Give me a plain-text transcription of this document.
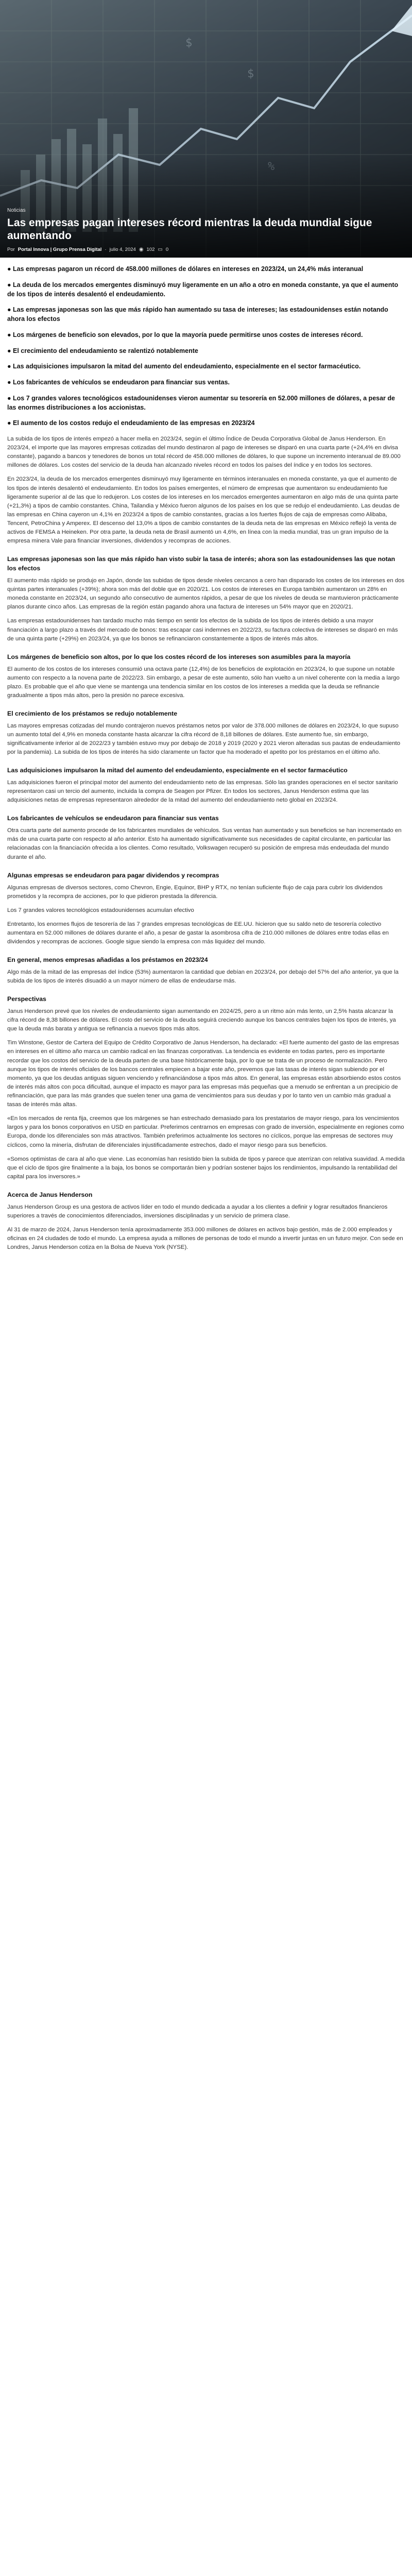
Noticias
Las empresas pagan intereses récord mientras la deuda mundial sigue aumentando
Por Portal Innova | Grupo Prensa Digital · julio 4, 2024 ◉ 102 ▭ 0

● Las empresas pagaron un récord de 458.000 millones de dólares en intereses en 2023/24, un 24,4% más interanual

● La deuda de los mercados emergentes disminuyó muy ligeramente en un año a otro en moneda constante, ya que el aumento de los tipos de interés desalentó el endeudamiento.

● Las empresas japonesas son las que más rápido han aumentado su tasa de intereses; las estadounidenses están notando ahora los efectos

● Los márgenes de beneficio son elevados, por lo que la mayoría puede permitirse unos costes de intereses récord.

● El crecimiento del endeudamiento se ralentizó notablemente

● Las adquisiciones impulsaron la mitad del aumento del endeudamiento, especialmente en el sector farmacéutico.

● Los fabricantes de vehículos se endeudaron para financiar sus ventas.

● Los 7 grandes valores tecnológicos estadounidenses vieron aumentar su tesorería en 52.000 millones de dólares, a pesar de las enormes distribuciones a los accionistas.

● El aumento de los costos redujo el endeudamiento de las empresas en 2023/24

La subida de los tipos de interés empezó a hacer mella en 2023/24, según el último Índice de Deuda Corporativa Global de Janus Henderson. En 2023/24, el importe que las mayores empresas cotizadas del mundo destinaron al pago de intereses se disparó en una cuarta parte (+24,4% en divisa constante), pagando a bancos y tenedores de bonos un total récord de 458.000 millones de dólares, lo que supone un incremento interanual de 89.000 millones de dólares. Los costes del servicio de la deuda han alcanzado niveles récord en todos los países del índice y en todos los sectores.

En 2023/24, la deuda de los mercados emergentes disminuyó muy ligeramente en términos interanuales en moneda constante, ya que el aumento de los tipos de interés desalentó el endeudamiento. En todos los países emergentes, el número de empresas que aumentaron su endeudamiento fue ligeramente superior al de las que lo redujeron. Los costes de los intereses en los mercados emergentes aumentaron en algo más de una quinta parte (+21,3%) a tipos de cambio constantes. China, Tailandia y México fueron algunos de los países en los que se redujo el endeudamiento. Las deudas de las empresas en China cayeron un 4,1% en 2023/24 a tipos de cambio constantes, gracias a los fuertes flujos de caja de empresas como Alibaba, Tencent, PetroChina y Amperex. El descenso del 13,0% a tipos de cambio constantes de la deuda neta de las empresas en México reflejó la venta de activos de FEMSA a Heineken. Por otra parte, la deuda neta de Brasil aumentó un 4,6%, en línea con la media mundial, tras un gran impulso de la empresa minera Vale para financiar inversiones, dividendos y recompras de acciones.

Las empresas japonesas son las que más rápido han visto subir la tasa de interés; ahora son las estadounidenses las que notan los efectos

El aumento más rápido se produjo en Japón, donde las subidas de tipos desde niveles cercanos a cero han disparado los costes de los intereses en dos quintas partes interanuales (+39%); ahora son más del doble que en 2020/21. Los costos de intereses en Europa también aumentaron un 28% en moneda constante en 2023/24, un segundo año consecutivo de aumentos rápidos, a pesar de que los niveles de deuda se mantuvieron prácticamente planos durante cinco años. Las empresas de la región están pagando ahora una factura de intereses un 54% mayor que en 2020/21.

Las empresas estadounidenses han tardado mucho más tiempo en sentir los efectos de la subida de los tipos de interés debido a una mayor financiación a largo plazo a través del mercado de bonos: tras escapar casi indemnes en 2022/23, su factura colectiva de intereses se disparó en más de una quinta parte (+29%) en 2023/24, ya que los bonos se refinanciaron constantemente a tipos de interés más altos.

Los márgenes de beneficio son altos, por lo que los costes récord de los intereses son asumibles para la mayoría

El aumento de los costos de los intereses consumió una octava parte (12,4%) de los beneficios de explotación en 2023/24, lo que supone un notable aumento con respecto a la novena parte de 2022/23. Sin embargo, a pesar de este aumento, sólo han vuelto a un nivel coherente con la media a largo plazo. Es probable que el año que viene se mantenga una tendencia similar en los costos de los intereses a medida que la deuda se refinancie gradualmente a tipos más altos, pero la presión no parece excesiva.

El crecimiento de los préstamos se redujo notablemente

Las mayores empresas cotizadas del mundo contrajeron nuevos préstamos netos por valor de 378.000 millones de dólares en 2023/24, lo que supuso un aumento total del 4,9% en moneda constante hasta alcanzar la cifra récord de 8,18 billones de dólares. Este aumento fue, sin embargo, significativamente inferior al de 2022/23 y también estuvo muy por debajo de 2018 y 2019 (2020 y 2021 vieron alteradas sus pautas de endeudamiento por la pandemia). La subida de los tipos de interés ha sido claramente un factor que ha moderado el apetito por los préstamos en el último año.

Las adquisiciones impulsaron la mitad del aumento del endeudamiento, especialmente en el sector farmacéutico

Las adquisiciones fueron el principal motor del aumento del endeudamiento neto de las empresas. Sólo las grandes operaciones en el sector sanitario representaron casi un tercio del aumento, incluida la compra de Seagen por Pfizer. En todos los sectores, Janus Henderson estima que las adquisiciones netas de empresas representaron alrededor de la mitad del aumento del endeudamiento neto global en 2023/24.

Los fabricantes de vehículos se endeudaron para financiar sus ventas

Otra cuarta parte del aumento procede de los fabricantes mundiales de vehículos. Sus ventas han aumentado y sus beneficios se han incrementado en más de una cuarta parte con respecto al año anterior. Esto ha aumentado significativamente sus necesidades de capital circulante, en particular las relacionadas con la financiación ofrecida a los clientes. Como resultado, Volkswagen recuperó su posición de empresa más endeudada del mundo durante el año.

Algunas empresas se endeudaron para pagar dividendos y recompras

Algunas empresas de diversos sectores, como Chevron, Engie, Equinor, BHP y RTX, no tenían suficiente flujo de caja para cubrir los dividendos prometidos y la recompra de acciones, por lo que pidieron prestada la diferencia.

Los 7 grandes valores tecnológicos estadounidenses acumulan efectivo

Entretanto, los enormes flujos de tesorería de las 7 grandes empresas tecnológicas de EE.UU. hicieron que su saldo neto de tesorería colectivo aumentara en 52.000 millones de dólares durante el año, a pesar de gastar la asombrosa cifra de 210.000 millones de dólares entre todas ellas en dividendos y recompras de acciones. Google sigue siendo la empresa con más liquidez del mundo.

En general, menos empresas añadidas a los préstamos en 2023/24

Algo más de la mitad de las empresas del índice (53%) aumentaron la cantidad que debían en 2023/24, por debajo del 57% del año anterior, ya que la subida de los tipos de interés disuadió a un mayor número de ellas de endeudarse más.

Perspectivas

Janus Henderson prevé que los niveles de endeudamiento sigan aumentando en 2024/25, pero a un ritmo aún más lento, un 2,5% hasta alcanzar la cifra récord de 8,38 billones de dólares. El costo del servicio de la deuda seguirá creciendo aunque los bancos centrales bajen los tipos de interés, ya que la deuda más barata y antigua se refinancia a nuevos tipos más altos.

Tim Winstone, Gestor de Cartera del Equipo de Crédito Corporativo de Janus Henderson, ha declarado: «El fuerte aumento del gasto de las empresas en intereses en el último año marca un cambio radical en las finanzas corporativas. La tendencia es evidente en todas partes, pero es importante recordar que los costos del servicio de la deuda parten de una base históricamente baja, por lo que se trata de un proceso de normalización. Pero aunque los tipos de interés oficiales de los bancos centrales empiecen a bajar este año, prevemos que las tasas de interés sigan subiendo por el momento, ya que los deudas antiguas siguen venciendo y refinanciándose a tipos más altos. En general, las empresas están absorbiendo estos costos de interés más altos con poca dificultad, aunque el impacto es mayor para las empresas más pequeñas que a menudo se enfrentan a un precipicio de refinanciación, que para las más grandes que suelen tener una gama de vencimientos para sus deudas y por lo tanto ven un cambio más gradual a tasas de interés más altas.

«En los mercados de renta fija, creemos que los márgenes se han estrechado demasiado para los prestatarios de mayor riesgo, para los vencimientos largos y para los bonos corporativos en USD en particular. Preferimos centrarnos en empresas con grado de inversión, especialmente en regiones como Europa, donde los diferenciales son más atractivos. También preferimos actualmente los sectores no cíclicos, porque las empresas de sectores muy cíclicos, como la minería, disfrutan de diferenciales injustificadamente estrechos, dado el mayor riesgo para sus beneficios.

«Somos optimistas de cara al año que viene. Las economías han resistido bien la subida de tipos y parece que aterrizan con relativa suavidad. A medida que el ciclo de tipos gire finalmente a la baja, los bonos se comportarán bien y podrían sostener bajos los rendimientos, impulsando la rentabilidad del capital para los inversores.»

Acerca de Janus Henderson

Janus Henderson Group es una gestora de activos líder en todo el mundo dedicada a ayudar a los clientes a definir y lograr resultados financieros superiores a través de conocimientos diferenciados, inversiones disciplinadas y un servicio de primera clase.

Al 31 de marzo de 2024, Janus Henderson tenía aproximadamente 353.000 millones de dólares en activos bajo gestión, más de 2.000 empleados y oficinas en 24 ciudades de todo el mundo. La empresa ayuda a millones de personas de todo el mundo a invertir juntas en un futuro mejor. Con sede en Londres, Janus Henderson cotiza en la Bolsa de Nueva York (NYSE).
